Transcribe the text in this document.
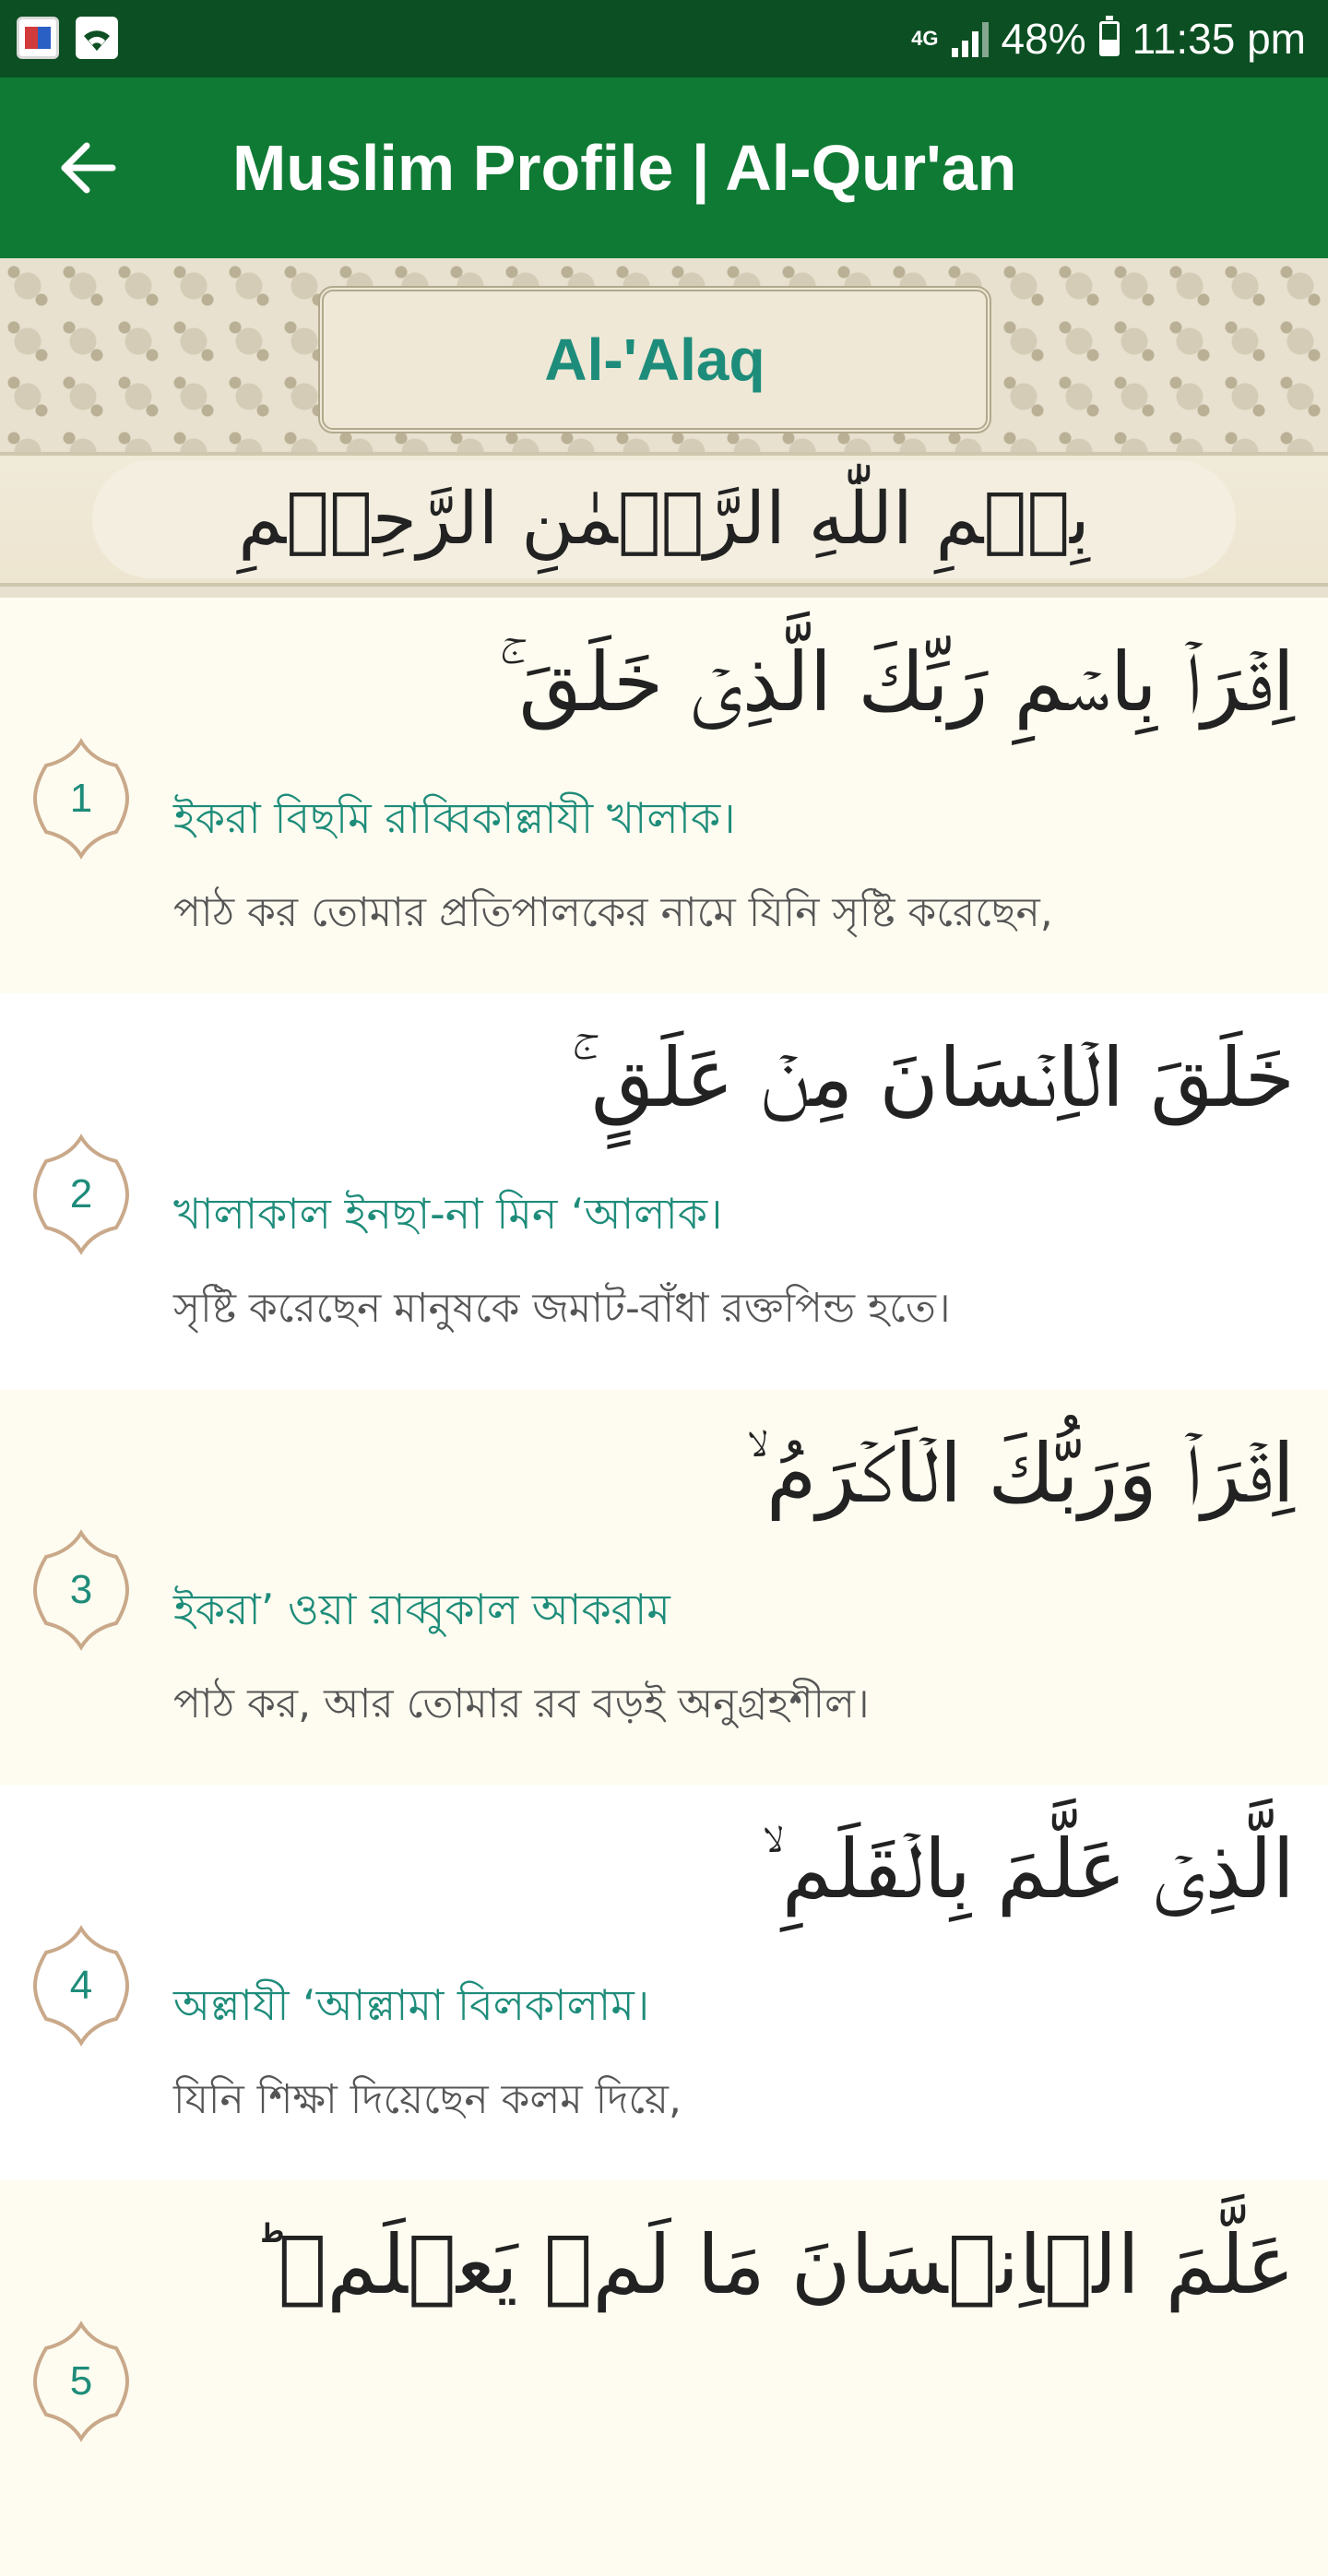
4G 48% 11:35 pm
Muslim Profile | Al-Qur'an
Al-'Alaq
بِسۡمِ اللّٰهِ الرَّحۡمٰنِ الرَّحِیۡمِ
اِقۡرَاۡ بِاسۡمِ رَبِّكَ الَّذِىۡ خَلَقَ ۚ
1	ইকরা বিছমি রাব্বিকাল্লাযী খালাক।
পাঠ কর তোমার প্রতিপালকের নামে যিনি সৃষ্টি করেছেন,
خَلَقَ الۡاِنۡسَانَ مِنۡ عَلَقٍ ۚ
2	খালাকাল ইনছা-না মিন ‘আলাক।
সৃষ্টি করেছেন মানুষকে জমাট-বাঁধা রক্তপিন্ড হতে।
اِقۡرَاۡ وَرَبُّكَ الۡاَكۡرَمُ ۙ
3	ইকরা’ ওয়া রাব্বুকাল আকরাম
পাঠ কর, আর তোমার রব বড়ই অনুগ্রহশীল।
الَّذِىۡ عَلَّمَ بِالۡقَلَمِ ۙ
4	অল্লাযী ‘আল্লামা বিলকালাম।
যিনি শিক্ষা দিয়েছেন কলম দিয়ে,
عَلَّمَ الۡاِنۡسَانَ مَا لَمۡ يَعۡلَمۡ ؕ
5
